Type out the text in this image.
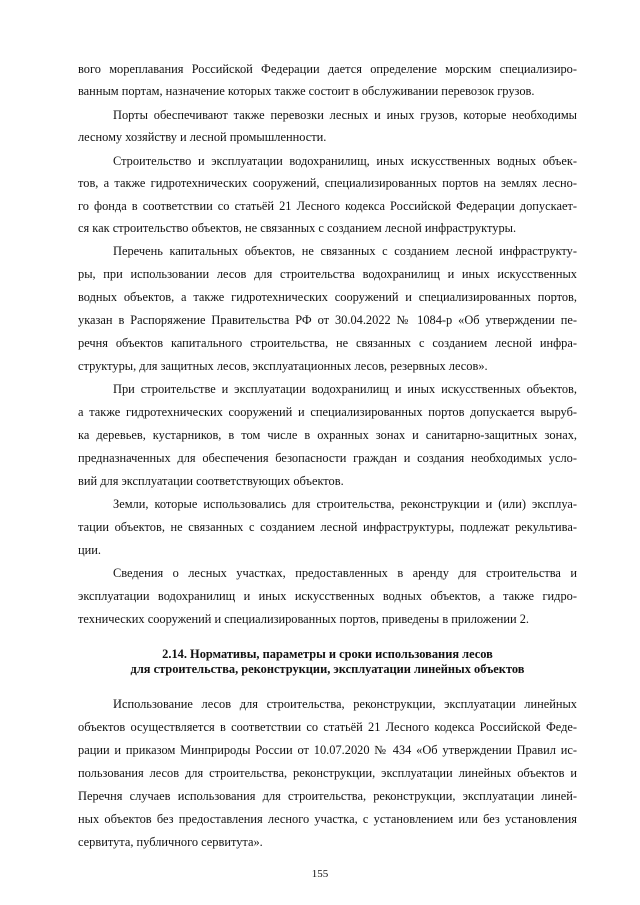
вого мореплавания Российской Федерации дается определение морским специализиро-
ванным портам, назначение которых также состоит в обслуживании перевозок грузов.
Порты обеспечивают также перевозки лесных и иных грузов, которые необходимы
лесному хозяйству и лесной промышленности.
Строительство и эксплуатации водохранилищ, иных искусственных водных объек-
тов, а также гидротехнических сооружений, специализированных портов на землях лесно-
го фонда в соответствии со статьёй 21 Лесного кодекса Российской Федерации допускает-
ся как строительство объектов, не связанных с созданием лесной инфраструктуры.
Перечень капитальных объектов, не связанных с созданием лесной инфраструкту-
ры, при использовании лесов для строительства водохранилищ и иных искусственных
водных объектов, а также гидротехнических сооружений и специализированных портов,
указан в Распоряжение Правительства РФ от 30.04.2022 № 1084-р «Об утверждении пе-
речня объектов капитального строительства, не связанных с созданием лесной инфра-
структуры, для защитных лесов, эксплуатационных лесов, резервных лесов».
При строительстве и эксплуатации водохранилищ и иных искусственных объектов,
а также гидротехнических сооружений и специализированных портов допускается выруб-
ка деревьев, кустарников, в том числе в охранных зонах и санитарно-защитных зонах,
предназначенных для обеспечения безопасности граждан и создания необходимых усло-
вий для эксплуатации соответствующих объектов.
Земли, которые использовались для строительства, реконструкции и (или) эксплуа-
тации объектов, не связанных с созданием лесной инфраструктуры, подлежат рекультива-
ции.
Сведения о лесных участках, предоставленных в аренду для строительства и
эксплуатации водохранилищ и иных искусственных водных объектов, а также гидро-
технических сооружений и специализированных портов, приведены в приложении 2.
2.14. Нормативы, параметры и сроки использования лесов
для строительства, реконструкции, эксплуатации линейных объектов
Использование лесов для строительства, реконструкции, эксплуатации линейных
объектов осуществляется в соответствии со статьёй 21 Лесного кодекса Российской Феде-
рации и приказом Минприроды России от 10.07.2020 № 434 «Об утверждении Правил ис-
пользования лесов для строительства, реконструкции, эксплуатации линейных объектов и
Перечня случаев использования для строительства, реконструкции, эксплуатации линей-
ных объектов без предоставления лесного участка, с установлением или без установления
сервитута, публичного сервитута».
155
